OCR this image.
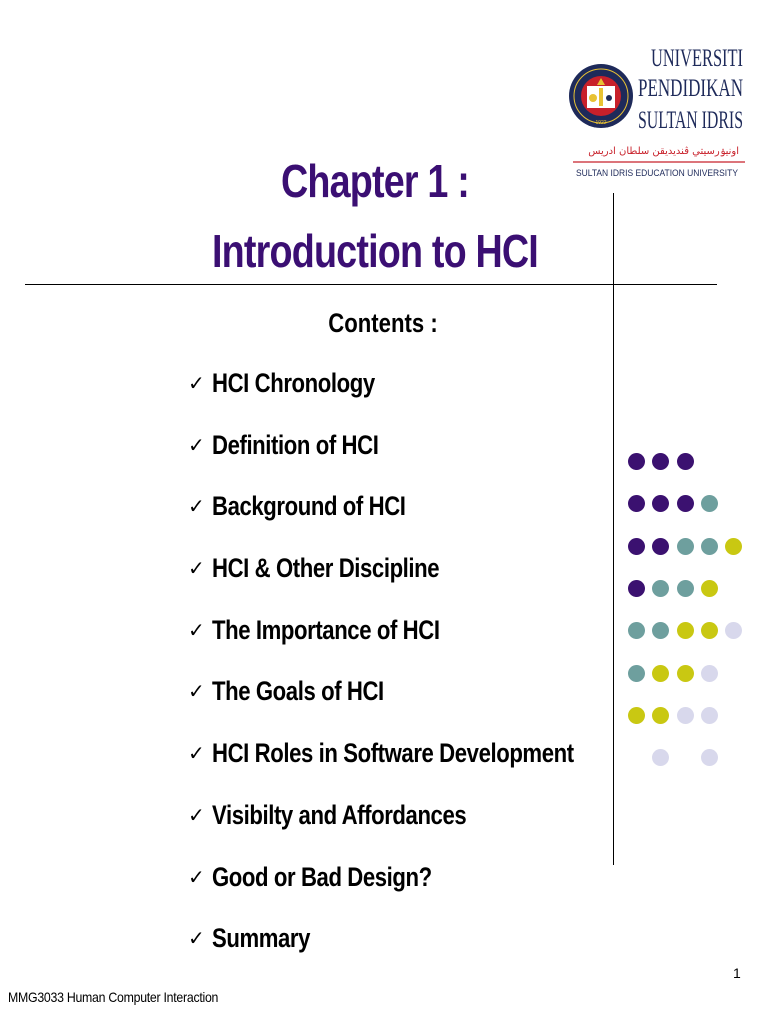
1922
UNIVERSITI
PENDIDIKAN
SULTAN IDRIS
اونيۏرسيتي ڤنديديقن سلطان ادريس
SULTAN IDRIS EDUCATION UNIVERSITY
Chapter 1 :
Introduction to HCI
Contents :
✓ HCI Chronology
✓ Definition of HCI
✓ Background of HCI
✓ HCI & Other Discipline
✓ The Importance of HCI
✓ The Goals of HCI
✓ HCI Roles in Software Development
✓ Visibilty and Affordances
✓ Good or Bad Design?
✓ Summary
1
MMG3033 Human Computer Interaction
